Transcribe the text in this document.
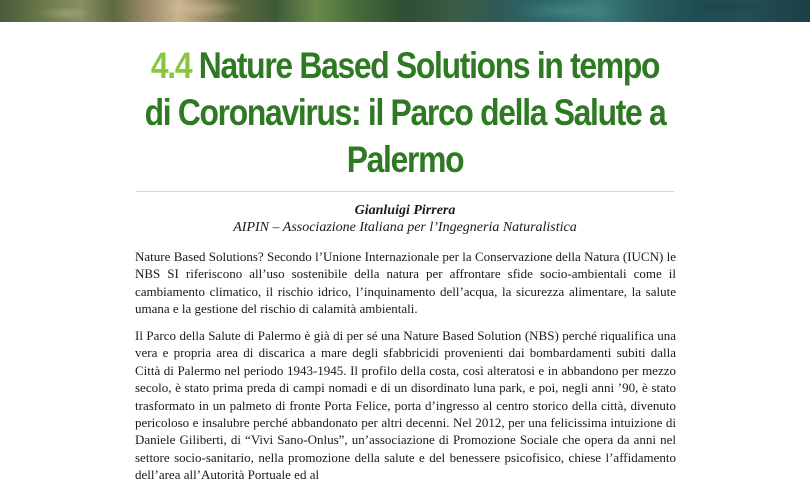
4.4 Nature Based Solutions in tempo di Coronavirus: il Parco della Salute a Palermo

Gianluigi Pirrera

AIPIN – Associazione Italiana per l’Ingegneria Naturalistica

Nature Based Solutions? Secondo l’Unione Internazionale per la Conservazione della Natura (IUCN) le NBS SI riferiscono all’uso sostenibile della natura per affrontare sfide socio-ambientali come il cambiamento climatico, il rischio idrico, l’inquinamento dell’acqua, la sicurezza alimentare, la salute umana e la gestione del rischio di calamità ambientali.

Il Parco della Salute di Palermo è già di per sé una Nature Based Solution (NBS) perché riqualifica una vera e propria area di discarica a mare degli sfabbricidi provenienti dai bombardamenti subiti dalla Città di Palermo nel periodo 1943-1945. Il profilo della costa, così alteratosi e in abbandono per mezzo secolo, è stato prima preda di campi nomadi e di un disordinato luna park, e poi, negli anni ’90, è stato trasformato in un palmeto di fronte Porta Felice, porta d’ingresso al centro storico della città, divenuto pericoloso e insalubre perché abbandonato per altri decenni. Nel 2012, per una felicissima intuizione di Daniele Giliberti, di “Vivi Sano-Onlus”, un’associazione di Promozione Sociale che opera da anni nel settore socio-sanitario, nella promozione della salute e del benessere psicofisico, chiese l’affidamento dell’area all’Autorità Portuale ed al
